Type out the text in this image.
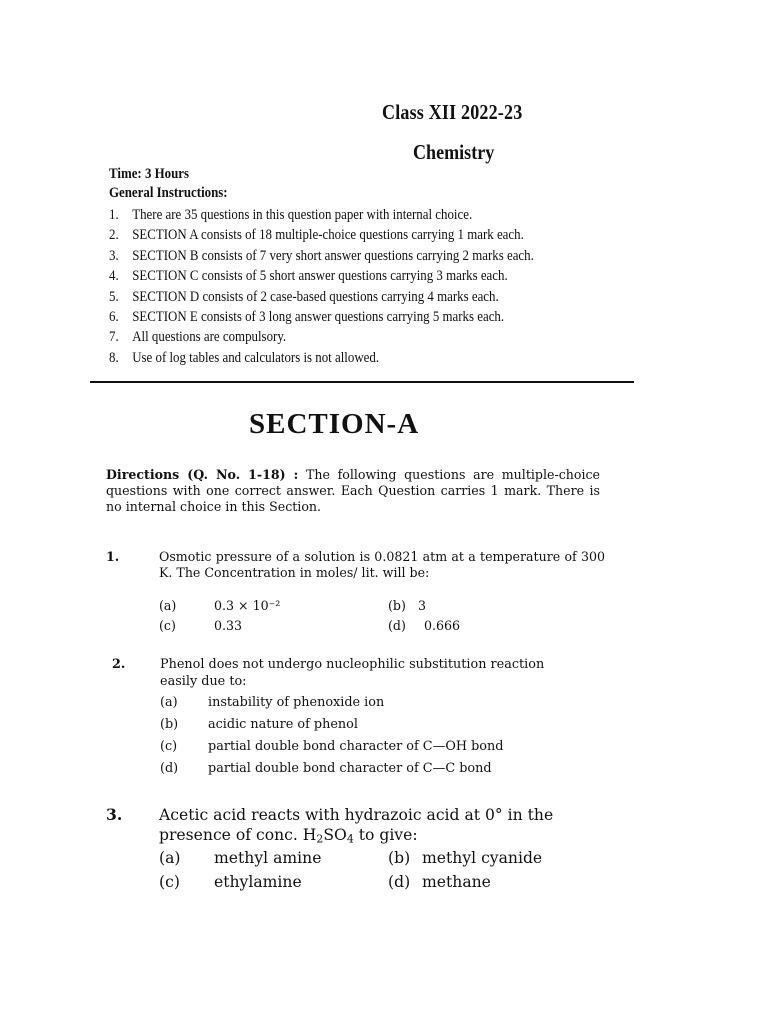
Class XII 2022-23
Chemistry
Time: 3 Hours
General Instructions:
1. There are 35 questions in this question paper with internal choice.
2. SECTION A consists of 18 multiple-choice questions carrying 1 mark each.
3. SECTION B consists of 7 very short answer questions carrying 2 marks each.
4. SECTION C consists of 5 short answer questions carrying 3 marks each.
5. SECTION D consists of 2 case-based questions carrying 4 marks each.
6. SECTION E consists of 3 long answer questions carrying 5 marks each.
7. All questions are compulsory.
8. Use of log tables and calculators is not allowed.
SECTION-A
Directions (Q. No. 1-18) : The following questions are multiple-choice questions with one correct answer. Each Question carries 1 mark. There is no internal choice in this Section.
1.	Osmotic pressure of a solution is 0.0821 atm at a temperature of 300 K. The Concentration in moles/ lit. will be:
(a)	0.3 × 10⁻²	(b) 3
(c)	0.33	(d) 0.666
2.	Phenol does not undergo nucleophilic substitution reaction easily due to:
(a) instability of phenoxide ion
(b) acidic nature of phenol
(c) partial double bond character of C—OH bond
(d) partial double bond character of C—C bond
3. Acetic acid reacts with hydrazoic acid at 0° in the presence of conc. $H_2SO_4$ to give:
(a) methyl amine	(b) methyl cyanide
(c) ethylamine	(d) methane
